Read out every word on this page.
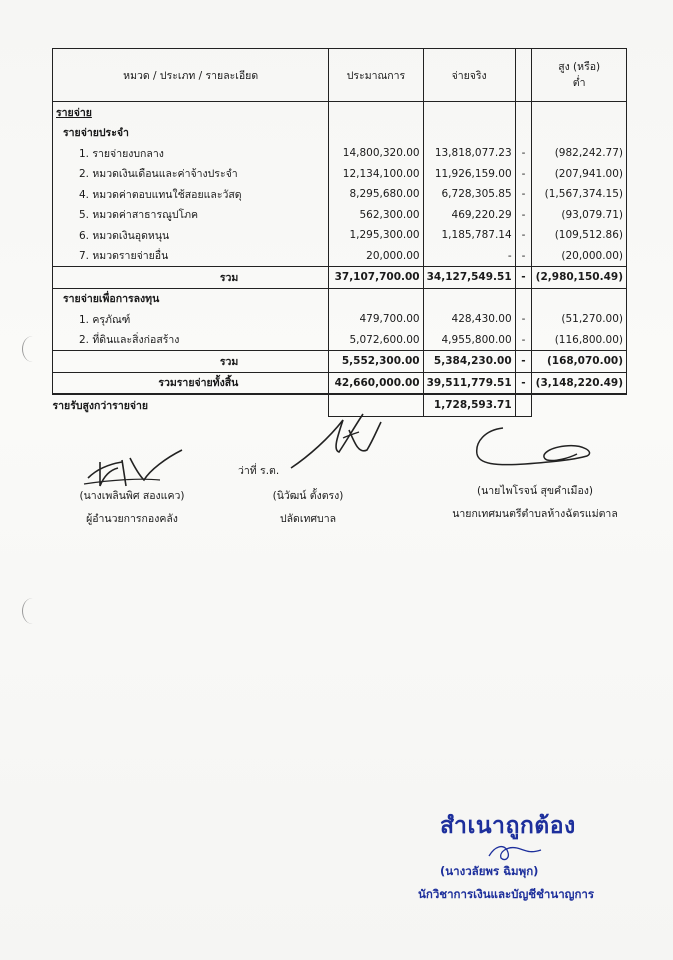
หมวด / ประเภท / รายละเอียด	ประมาณการ	จ่ายจริง		สูง (หรือ)
ต่ำ

รายจ่าย				
รายจ่ายประจำ				
1. รายจ่ายงบกลาง	14,800,320.00	13,818,077.23	-	(982,242.77)
2. หมวดเงินเดือนและค่าจ้างประจำ	12,134,100.00	11,926,159.00	-	(207,941.00)
4. หมวดค่าตอบแทนใช้สอยและวัสดุ	8,295,680.00	6,728,305.85	-	(1,567,374.15)
5. หมวดค่าสาธารณูปโภค	562,300.00	469,220.29	-	(93,079.71)
6. หมวดเงินอุดหนุน	1,295,300.00	1,185,787.14	-	(109,512.86)
7. หมวดรายจ่ายอื่น	20,000.00	-	-	(20,000.00)
รวม	37,107,700.00	34,127,549.51	-	(2,980,150.49)
รายจ่ายเพื่อการลงทุน				
1. ครุภัณฑ์	479,700.00	428,430.00	-	(51,270.00)
2. ที่ดินและสิ่งก่อสร้าง	5,072,600.00	4,955,800.00	-	(116,800.00)
รวม	5,552,300.00	5,384,230.00	-	(168,070.00)
รวมรายจ่ายทั้งสิ้น	42,660,000.00	39,511,779.51	-	(3,148,220.49)
รายรับสูงกว่ารายจ่าย		1,728,593.71		
ว่าที่ ร.ต.
(นางเพลินพิศ สองแคว)
ผู้อำนวยการกองคลัง
(นิวัฒน์ ตั้งตรง)
ปลัดเทศบาล
(นายไพโรจน์ สุขคำเมือง)
นายกเทศมนตรีตำบลห้างฉัตรแม่ตาล
สำเนาถูกต้อง
(นางวลัยพร ฉิมพุก)
นักวิชาการเงินและบัญชีชำนาญการ
